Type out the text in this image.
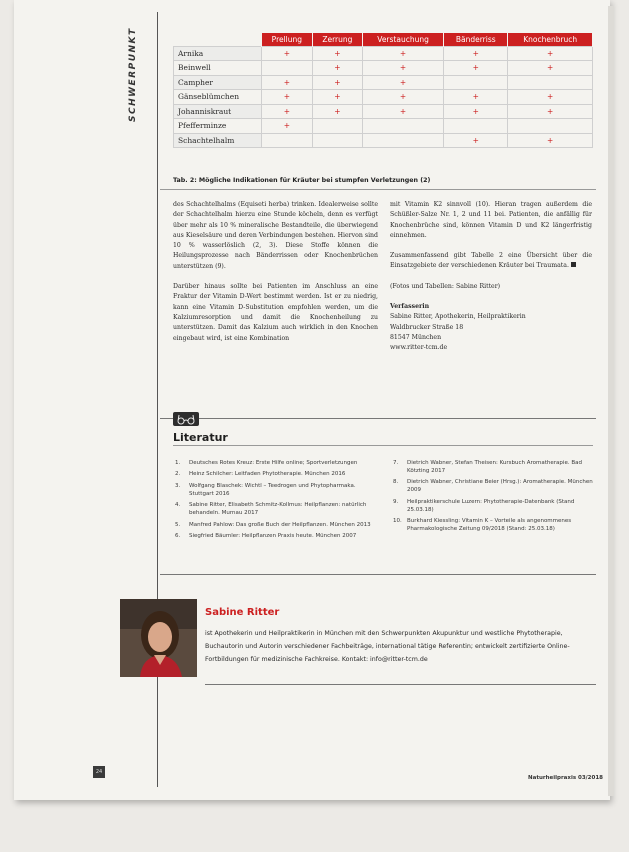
SCHWERPUNKT
		Prellung	Zerrung	Verstauchung	Bänderriss	Knochenbruch
Arnika	+	+	+	+	+
Beinwell		+	+	+	+
Campher	+	+	+		
Gänseblümchen	+	+	+	+	+
Johanniskraut	+	+	+	+	+
Pfefferminze	+				
Schachtelhalm				+	+
Tab. 2: Mögliche Indikationen für Kräuter bei stumpfen Verletzungen (2)

des Schachtelhalms (Equiseti herba) trinken. Idealerweise sollte der Schachtelhalm hierzu eine Stunde köcheln, denn es verfügt über mehr als 10 % mineralische Bestandteile, die überwiegend aus Kieselsäure und deren Verbindungen bestehen. Hiervon sind 10 % wasserlöslich (2, 3). Diese Stoffe können die Heilungsprozesse nach Bänderrissen oder Knochenbrüchen unterstützen (9).

Darüber hinaus sollte bei Patienten im Anschluss an eine Fraktur der Vitamin D-Wert bestimmt werden. Ist er zu niedrig, kann eine Vitamin D-Substitution empfohlen werden, um die Kalziumresorption und damit die Knochenheilung zu unterstützen. Damit das Kalzium auch wirklich in den Knochen eingebaut wird, ist eine Kombination

mit Vitamin K2 sinnvoll (10). Hieran tragen außerdem die Schüßler-Salze Nr. 1, 2 und 11 bei. Patienten, die anfällig für Knochenbrüche sind, können Vitamin D und K2 längerfristig einnehmen.

Zusammenfassend gibt Tabelle 2 eine Übersicht über die Einsatzgebiete der verschiedenen Kräuter bei Traumata.

(Fotos und Tabellen: Sabine Ritter)

Verfasserin
Sabine Ritter, Apothekerin, Heilpraktikerin
Waldbrucker Straße 18
81547 München
www.ritter-tcm.de
Literatur
1. Deutsches Rotes Kreuz: Erste Hilfe online; Sportverletzungen
2. Heinz Schilcher: Leitfaden Phytotherapie. München 2016
3. Wolfgang Blaschek: Wichtl – Teedrogen und Phytopharmaka. Stuttgart 2016
4. Sabine Ritter, Elisabeth Schmitz-Kollmus: Heilpflanzen: natürlich behandeln. Murnau 2017
5. Manfred Pahlow: Das große Buch der Heilpflanzen. München 2013
6. Siegfried Bäumler: Heilpflanzen Praxis heute. München 2007
7. Dietrich Wabner, Stefan Theisen: Kursbuch Aromatherapie. Bad Kötzting 2017
8. Dietrich Wabner, Christiane Beier (Hrsg.): Aromatherapie. München 2009
9. Heilpraktikerschule Luzern: Phytotherapie-Datenbank (Stand 25.03.18)
10. Burkhard Kiessling: Vitamin K – Vorteile als angenommenes Pharmakologische Zeitung 09/2018 (Stand: 25.03.18)
Sabine Ritter
ist Apothekerin und Heilpraktikerin in München mit den Schwerpunkten Akupunktur und westliche Phytotherapie, Buchautorin und Autorin verschiedener Fachbeiträge, international tätige Referentin; entwickelt zertifizierte Online-Fortbildungen für medizinische Fachkreise. Kontakt: info@ritter-tcm.de
24
Naturheilpraxis 03/2018
